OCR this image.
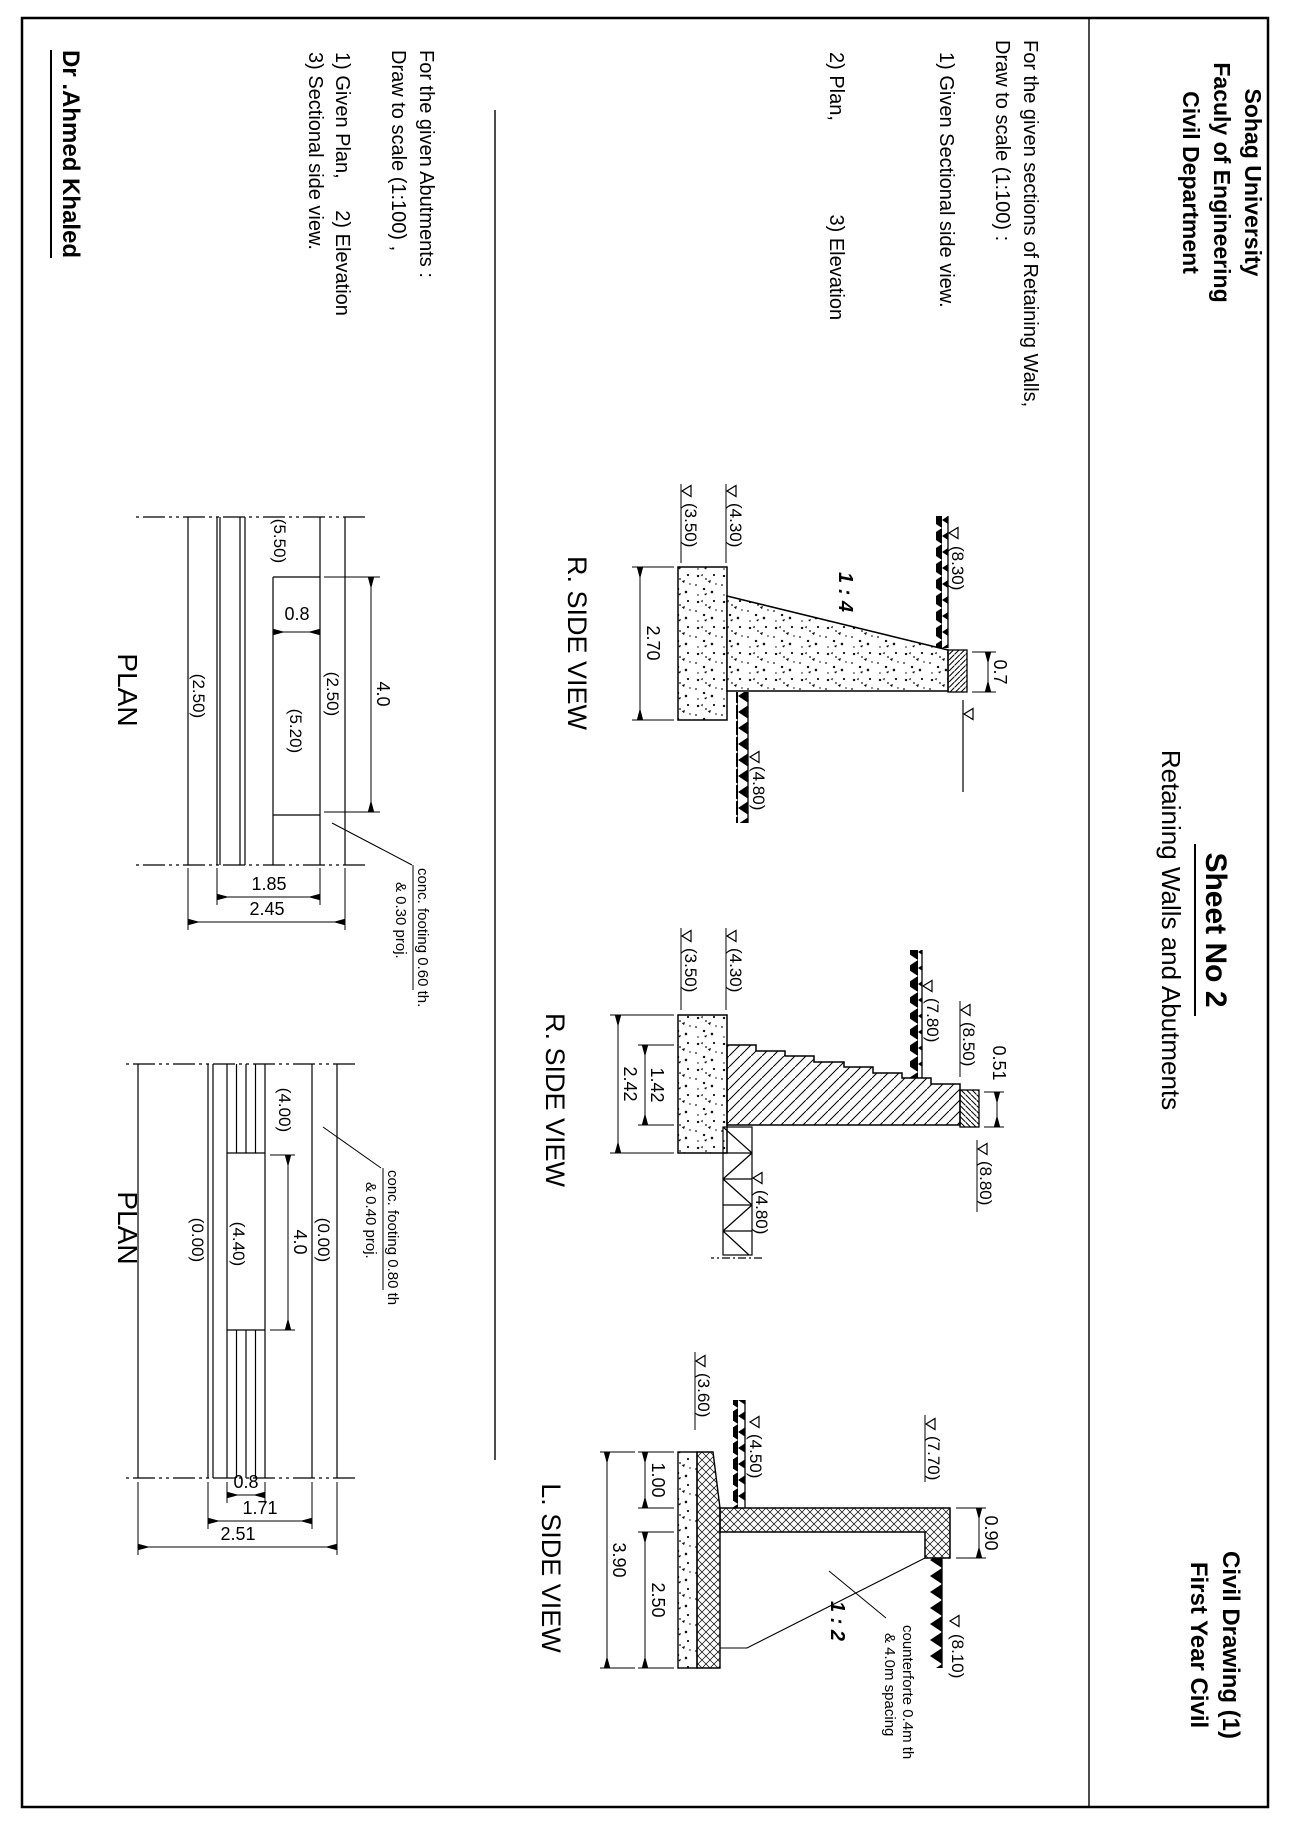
(4.30)
(3.50)
(8.30)
(4.80)
1 : 4
2.70
0.7
R. SIDE VIEW
(4.30)
(3.50)
(7.80)
(8.50)
(8.80)
(4.80)
1.42
2.42
0.51
R. SIDE VIEW
(3.60)
(4.50)	(7.70)
(8.10)
1 : 2
counterforte 0.4m th
& 4.0m spacing
0.90
1.00
2.50
3.90
L. SIDE VIEW
(5.50)
(2.50)
(5.20)
(2.50)	4.0
0.8
1.85
2.45	conc. footing 0.60 th.
& 0.30 proj.
PLAN
(4.00)
(0.00)
(4.40)
(0.00)	4.0
0.8
1.71
2.51
conc. footing 0.80 th
& 0.40 proj.
PLAN
Sohag University
Faculy of Engineering
Civil Department
Sheet No 2
Retaining Walls and Abutments
Civil Drawing (1)
First Year Civil
For the given sections of Retaining Walls,
Draw to scale (1:100) :
1) Given Sectional side view.
2) Plan, 3) Elevation
For the given Abutments :
Draw to scale (1:100) ,
1) Given Plan, 2) Elevation
3) Sectional side view.
Dr .Ahmed Khaled
